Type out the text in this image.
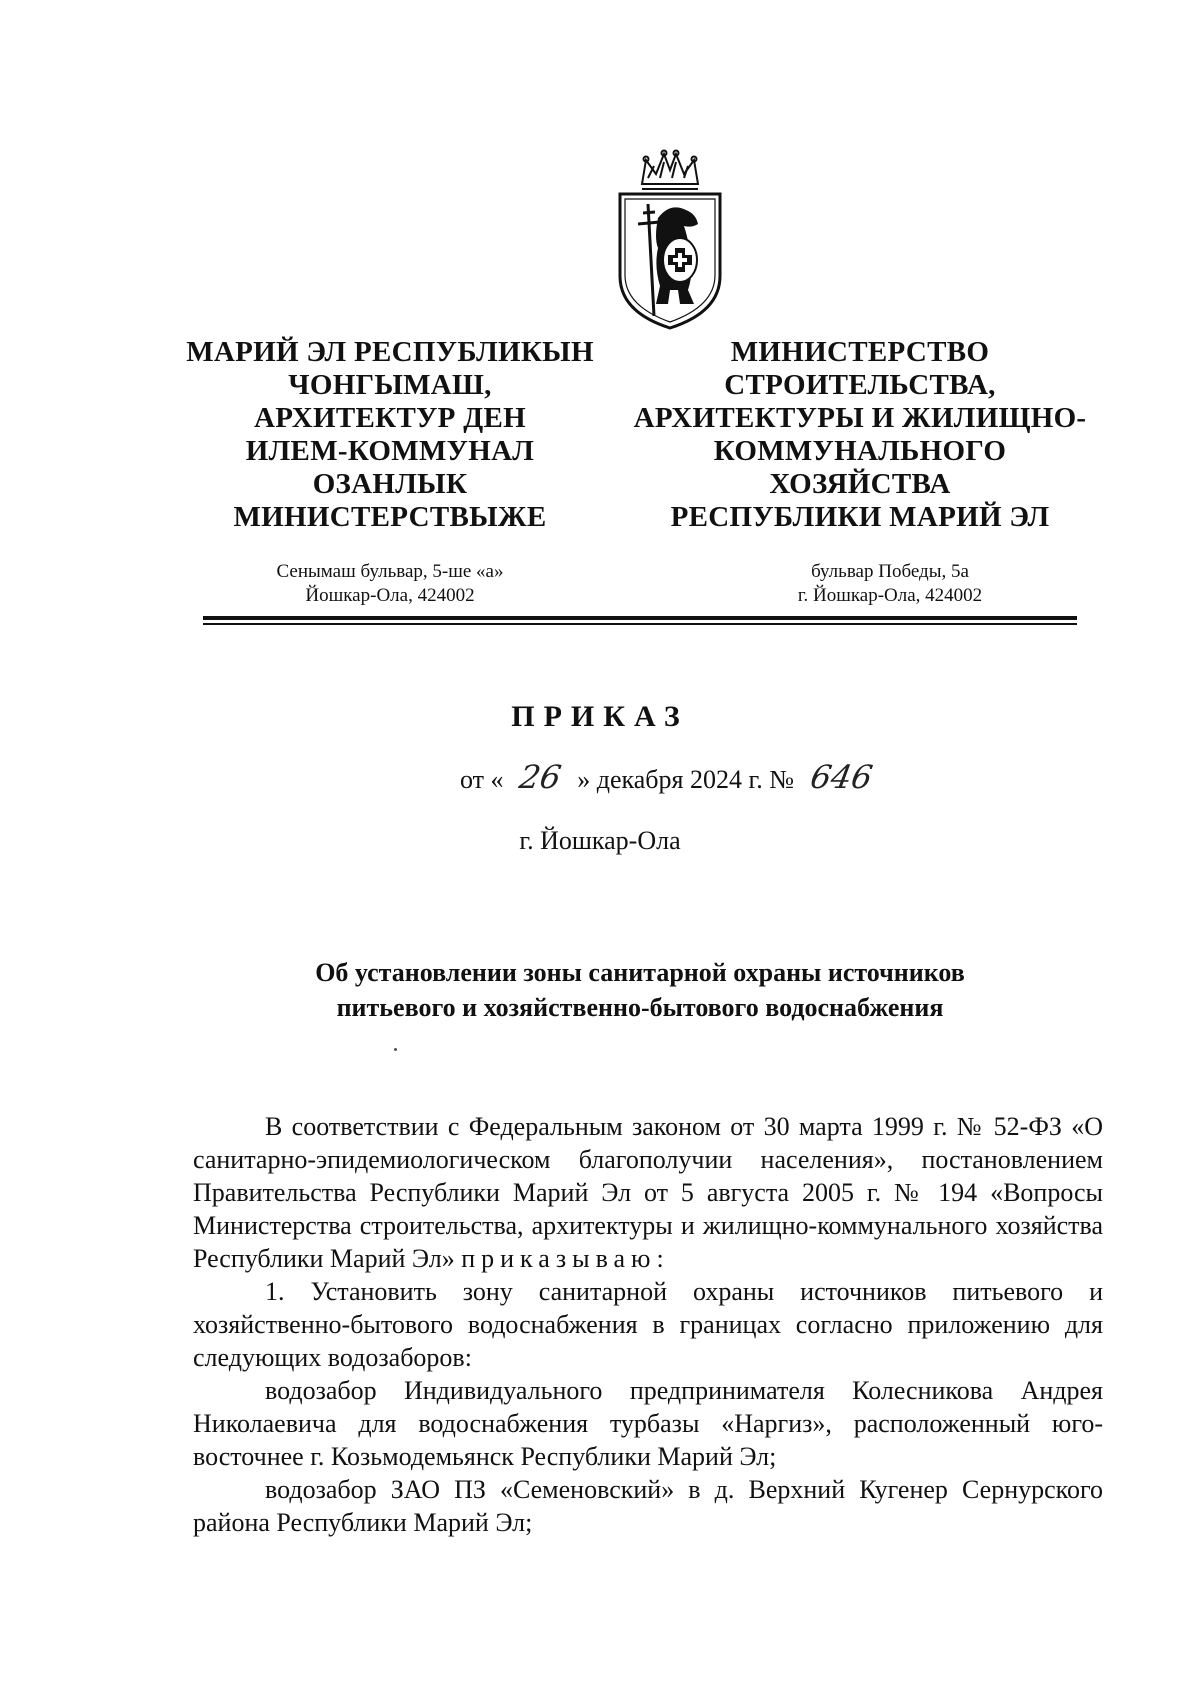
МАРИЙ ЭЛ РЕСПУБЛИКЫН
ЧОНГЫМАШ,
АРХИТЕКТУР ДЕН
ИЛЕМ-КОММУНАЛ
ОЗАНЛЫК
МИНИСТЕРСТВЫЖЕ
МИНИСТЕРСТВО
СТРОИТЕЛЬСТВА,
АРХИТЕКТУРЫ И ЖИЛИЩНО-
КОММУНАЛЬНОГО
ХОЗЯЙСТВА
РЕСПУБЛИКИ МАРИЙ ЭЛ
Сенымаш бульвар, 5-ше «а»
Йошкар-Ола, 424002
бульвар Победы, 5а
г. Йошкар-Ола, 424002
ПРИКАЗ
от « 26 » декабря 2024 г. № 646
г. Йошкар-Ола
Об установлении зоны санитарной охраны источников
питьевого и хозяйственно-бытового водоснабжения

В соответствии с Федеральным законом от 30 марта 1999 г. № 52-ФЗ «О санитарно-эпидемиологическом благополучии населения», постановлением Правительства Республики Марий Эл от 5 августа 2005 г. № 194 «Вопросы Министерства строительства, архитектуры и жилищно-коммунального хозяйства Республики Марий Эл» приказываю:

1. Установить зону санитарной охраны источников питьевого и хозяйственно-бытового водоснабжения в границах согласно приложению для следующих водозаборов:

водозабор Индивидуального предпринимателя Колесникова Андрея Николаевича для водоснабжения турбазы «Наргиз», расположенный юго-восточнее г. Козьмодемьянск Республики Марий Эл;

водозабор ЗАО ПЗ «Семеновский» в д. Верхний Кугенер Сернурского района Республики Марий Эл;
